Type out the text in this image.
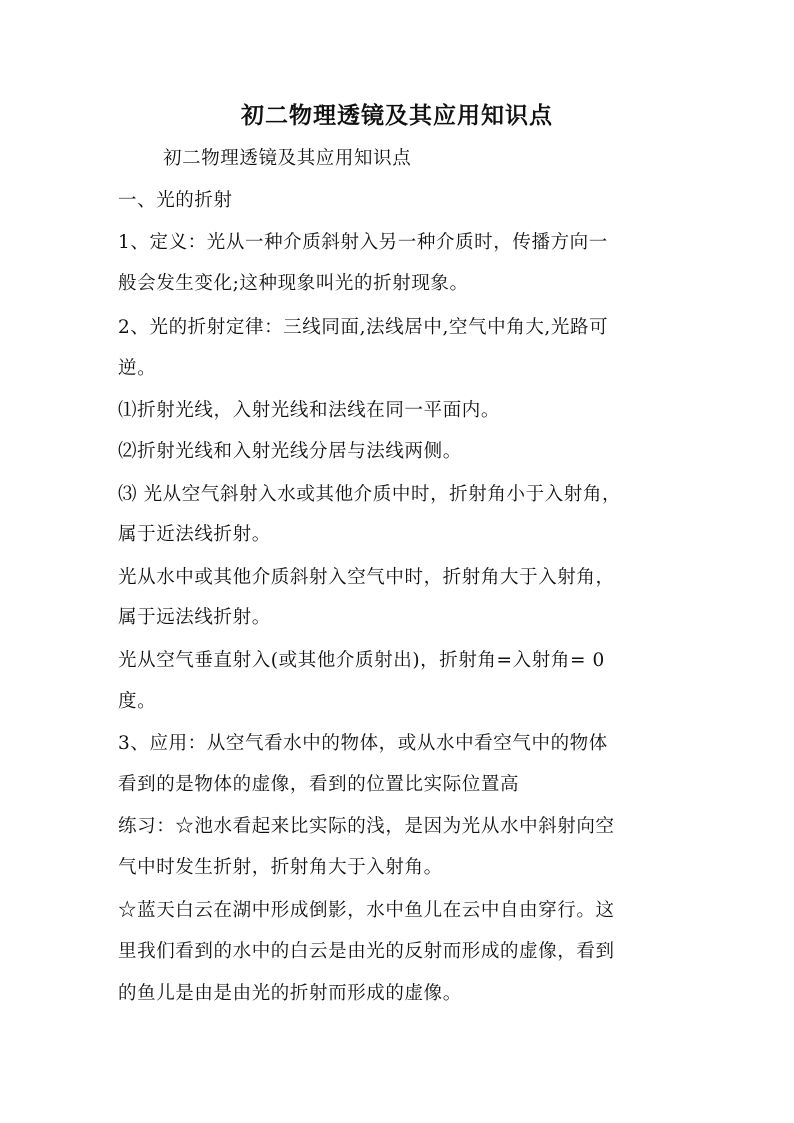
初二物理透镜及其应用知识点
初二物理透镜及其应用知识点
一、光的折射
1、定义：光从一种介质斜射入另一种介质时，传播方向一
般会发生变化;这种现象叫光的折射现象。
2、光的折射定律：三线同面,法线居中,空气中角大,光路可
逆。
⑴折射光线，入射光线和法线在同一平面内。
⑵折射光线和入射光线分居与法线两侧。
⑶ 光从空气斜射入水或其他介质中时，折射角小于入射角，
属于近法线折射。
光从水中或其他介质斜射入空气中时，折射角大于入射角，
属于远法线折射。
光从空气垂直射入(或其他介质射出)，折射角=入射角= 0
度。
3、应用：从空气看水中的物体，或从水中看空气中的物体
看到的是物体的虚像，看到的位置比实际位置高
练习：☆池水看起来比实际的浅，是因为光从水中斜射向空
气中时发生折射，折射角大于入射角。
☆蓝天白云在湖中形成倒影，水中鱼儿在云中自由穿行。这
里我们看到的水中的白云是由光的反射而形成的虚像，看到
的鱼儿是由是由光的折射而形成的虚像。
